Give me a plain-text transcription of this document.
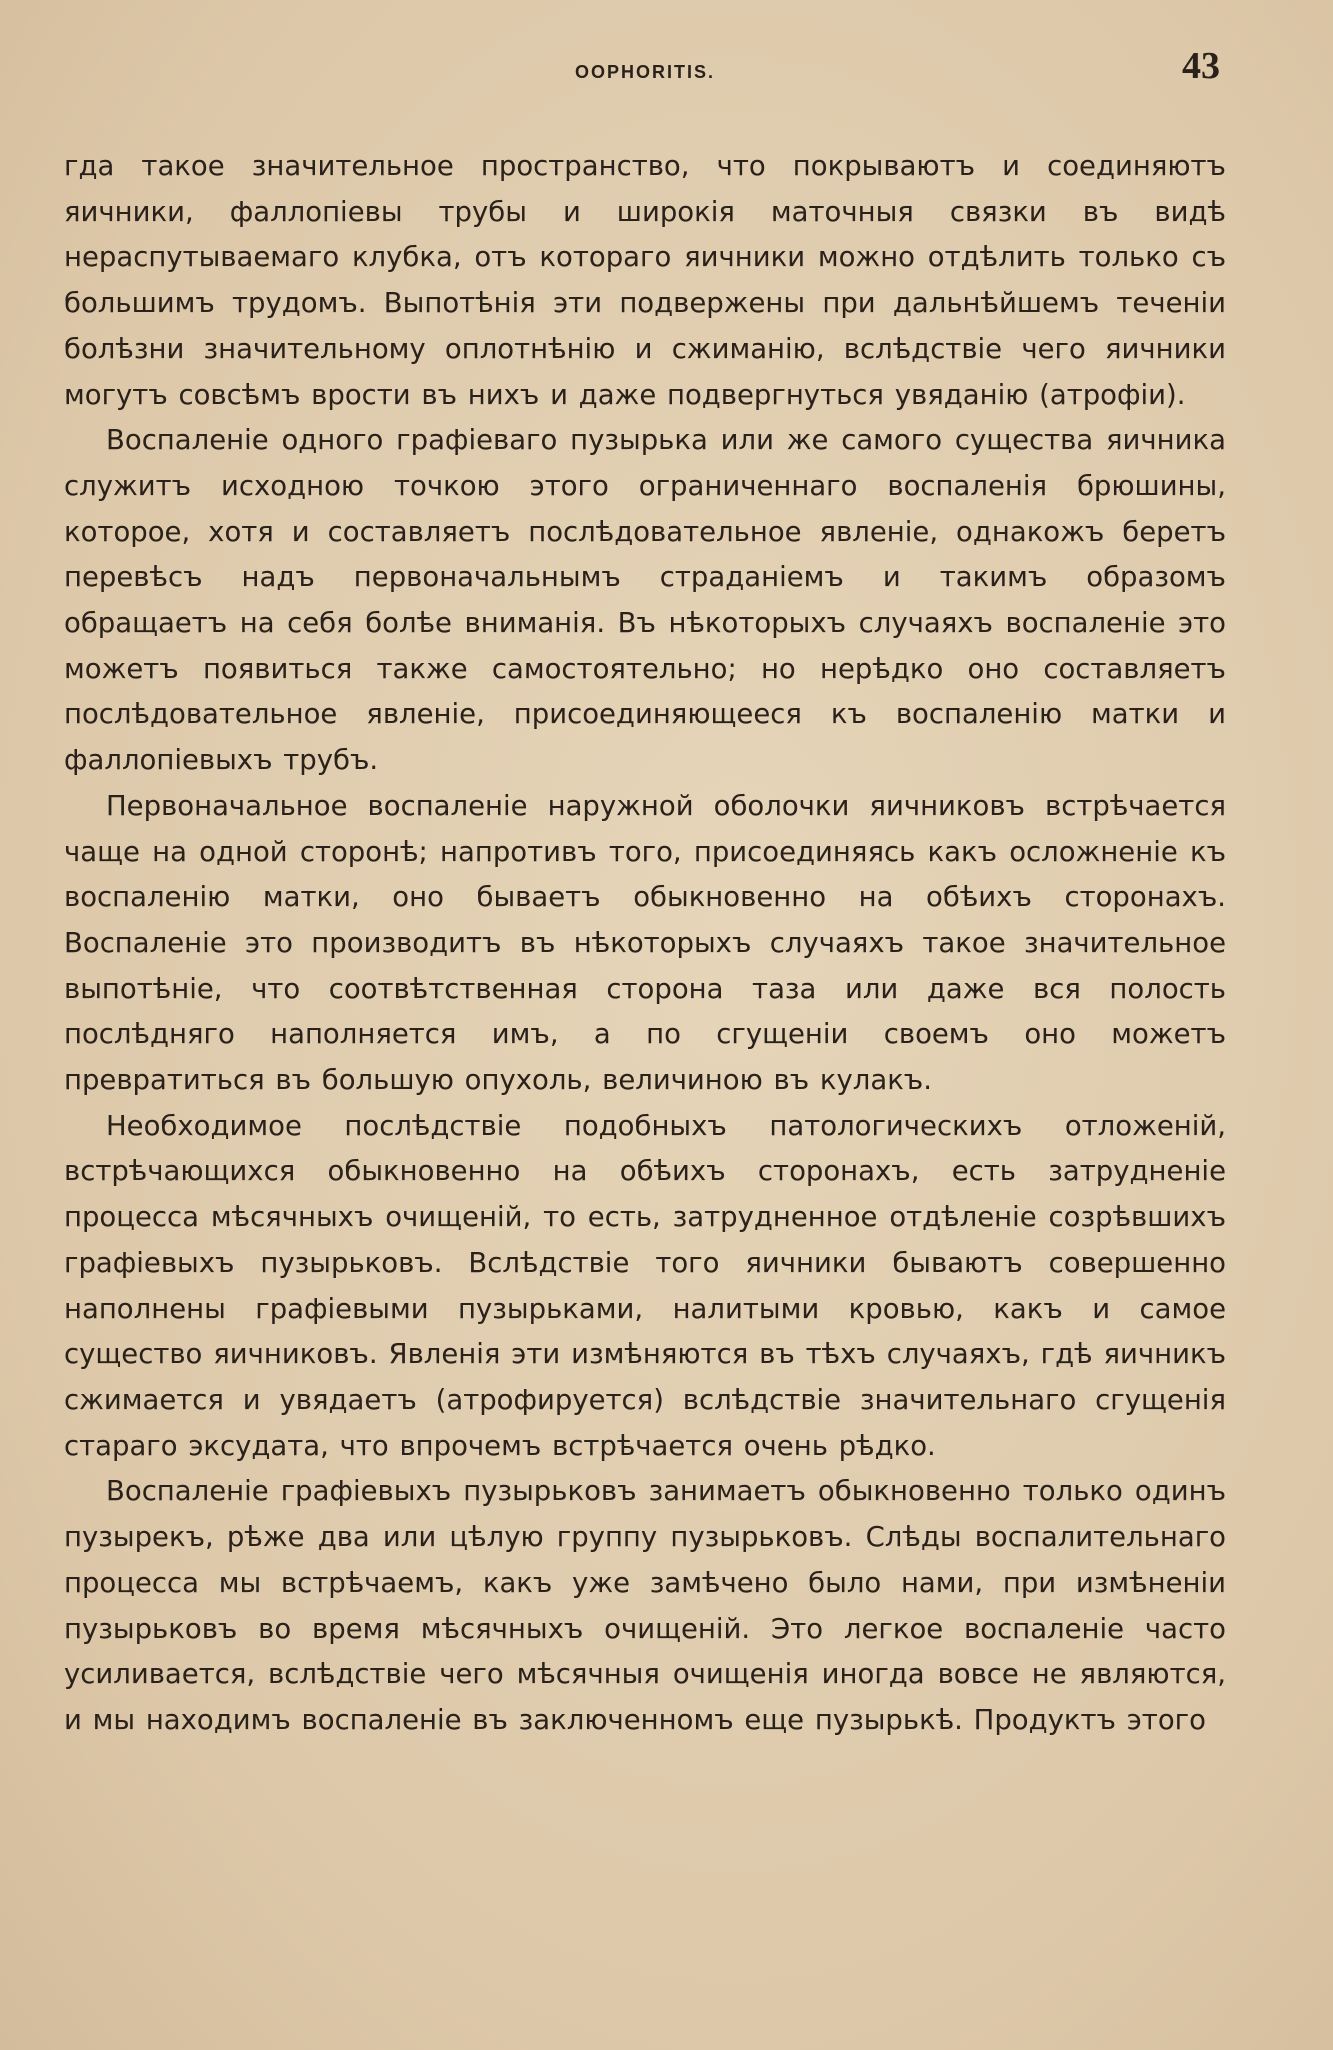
OOPHORITIS.	43

гда такое значительное пространство, что покрываютъ и соединяютъ яичники, фаллопіевы трубы и широкія маточныя связки въ видѣ нераспутываемаго клубка, отъ котораго яичники можно отдѣлить только съ большимъ трудомъ. Выпотѣнія эти подвержены при дальнѣйшемъ теченіи болѣзни значительному оплотнѣнію и сжиманію, вслѣдствіе чего яичники могутъ совсѣмъ врости въ нихъ и даже подвергнуться увяданію (атрофіи).

Воспаленіе одного графіеваго пузырька или же самого существа яичника служитъ исходною точкою этого ограниченнаго воспаленія брюшины, которое, хотя и составляетъ послѣдовательное явленіе, однакожъ беретъ перевѣсъ надъ первоначальнымъ страданіемъ и такимъ образомъ обращаетъ на себя болѣе вниманія. Въ нѣкоторыхъ случаяхъ воспаленіе это можетъ появиться также самостоятельно; но нерѣдко оно составляетъ послѣдовательное явленіе, присоединяющееся къ воспаленію матки и фаллопіевыхъ трубъ.

Первоначальное воспаленіе наружной оболочки яичниковъ встрѣчается чаще на одной сторонѣ; напротивъ того, присоединяясь какъ осложненіе къ воспаленію матки, оно бываетъ обыкновенно на обѣихъ сторонахъ. Воспаленіе это производитъ въ нѣкоторыхъ случаяхъ такое значительное выпотѣніе, что соотвѣтственная сторона таза или даже вся полость послѣдняго наполняется имъ, а по сгущеніи своемъ оно можетъ превратиться въ большую опухоль, величиною въ кулакъ.

Необходимое послѣдствіе подобныхъ патологическихъ отложеній, встрѣчающихся обыкновенно на обѣихъ сторонахъ, есть затрудненіе процесса мѣсячныхъ очищеній, то есть, затрудненное отдѣленіе созрѣвшихъ графіевыхъ пузырьковъ. Вслѣдствіе того яичники бываютъ совершенно наполнены графіевыми пузырьками, налитыми кровью, какъ и самое существо яичниковъ. Явленія эти измѣняются въ тѣхъ случаяхъ, гдѣ яичникъ сжимается и увядаетъ (атрофируется) вслѣдствіе значительнаго сгущенія стараго эксудата, что впрочемъ встрѣчается очень рѣдко.

Воспаленіе графіевыхъ пузырьковъ занимаетъ обыкновенно только одинъ пузырекъ, рѣже два или цѣлую группу пузырьковъ. Слѣды воспалительнаго процесса мы встрѣчаемъ, какъ уже замѣчено было нами, при измѣненіи пузырьковъ во время мѣсячныхъ очищеній. Это легкое воспаленіе часто усиливается, вслѣдствіе чего мѣсячныя очищенія иногда вовсе не являются, и мы находимъ воспаленіе въ заключенномъ еще пузырькѣ. Продуктъ этого
